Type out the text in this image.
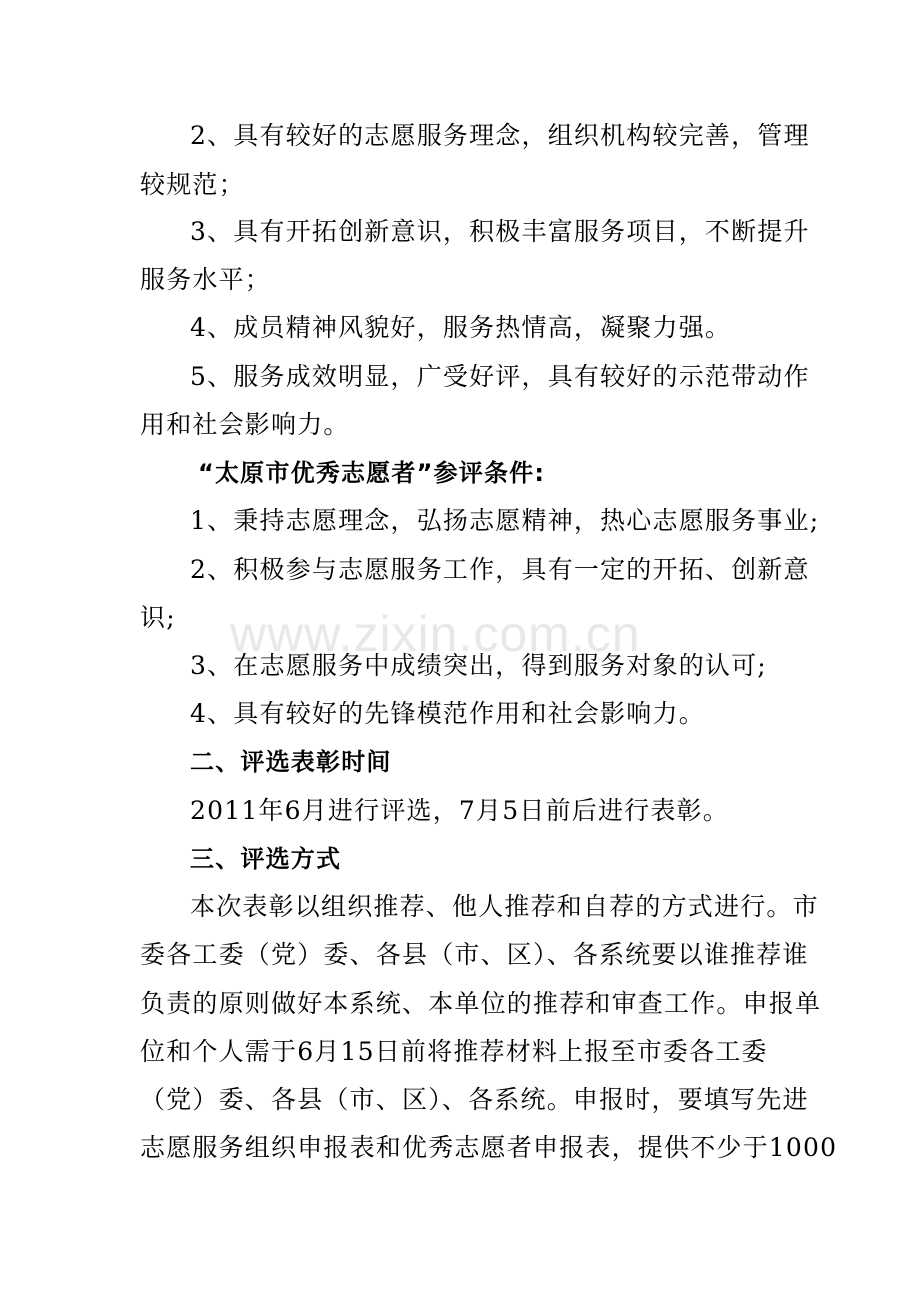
2、具有较好的志愿服务理念，组织机构较完善，管理
较规范；
3、具有开拓创新意识，积极丰富服务项目，不断提升
服务水平；
4、成员精神风貌好，服务热情高，凝聚力强。
5、服务成效明显，广受好评，具有较好的示范带动作
用和社会影响力。
“太原市优秀志愿者”参评条件:
1、秉持志愿理念，弘扬志愿精神，热心志愿服务事业;
2、积极参与志愿服务工作，具有一定的开拓、创新意
识;
3、在志愿服务中成绩突出，得到服务对象的认可;
4、具有较好的先锋模范作用和社会影响力。
二、评选表彰时间
2011年6月进行评选，7月5日前后进行表彰。
三、评选方式
本次表彰以组织推荐、他人推荐和自荐的方式进行。市
委各工委（党）委、各县（市、区）、各系统要以谁推荐谁
负责的原则做好本系统、本单位的推荐和审查工作。申报单
位和个人需于6月15日前将推荐材料上报至市委各工委
（党）委、各县（市、区）、各系统。申报时，要填写先进
志愿服务组织申报表和优秀志愿者申报表，提供不少于1000
www.zixin.com.cn
